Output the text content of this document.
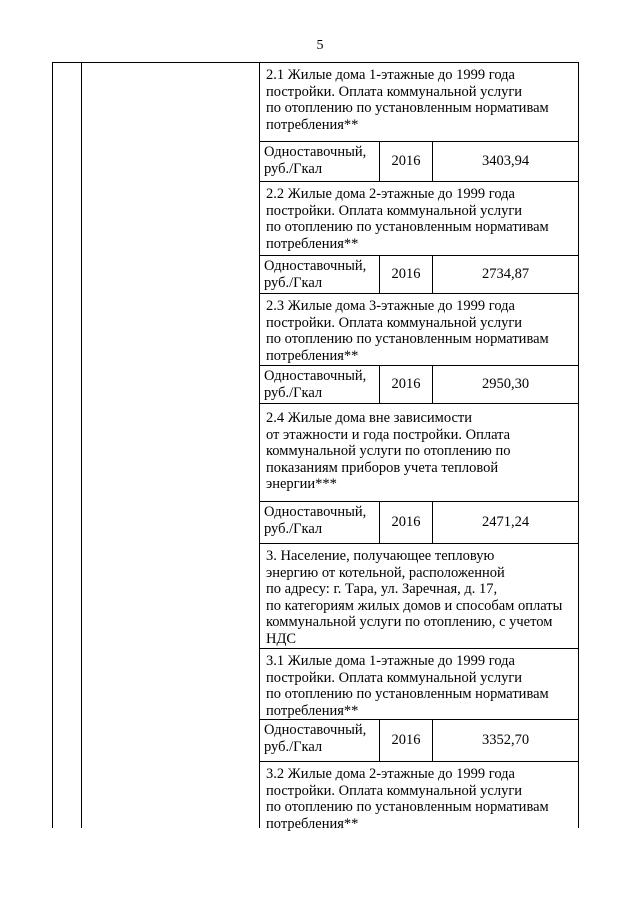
5
2.1 Жилые дома 1-этажные до 1999 года
постройки. Оплата коммунальной услуги
по отоплению по установленным нормативам
потребления**
Одноставочный,
руб./Гкал	2016	3403,94
2.2 Жилые дома 2-этажные до 1999 года
постройки. Оплата коммунальной услуги
по отоплению по установленным нормативам
потребления**
Одноставочный,
руб./Гкал
2016	2734,87
2.3 Жилые дома 3-этажные до 1999 года
постройки. Оплата коммунальной услуги
по отоплению по установленным нормативам
потребления**
Одноставочный,
руб./Гкал
2016	2950,30
2.4 Жилые дома вне зависимости
от этажности и года постройки. Оплата
коммунальной услуги по отоплению по
показаниям приборов учета тепловой
энергии***
Одноставочный,
руб./Гкал	2016	2471,24
3. Население, получающее тепловую
энергию от котельной, расположенной
по адресу: г. Тара, ул. Заречная, д. 17,
по категориям жилых домов и способам оплаты
коммунальной услуги по отоплению, с учетом
НДС
3.1 Жилые дома 1-этажные до 1999 года
постройки. Оплата коммунальной услуги
по отоплению по установленным нормативам
потребления**
Одноставочный,
руб./Гкал	2016	3352,70
3.2 Жилые дома 2-этажные до 1999 года
постройки. Оплата коммунальной услуги
по отоплению по установленным нормативам
потребления**
